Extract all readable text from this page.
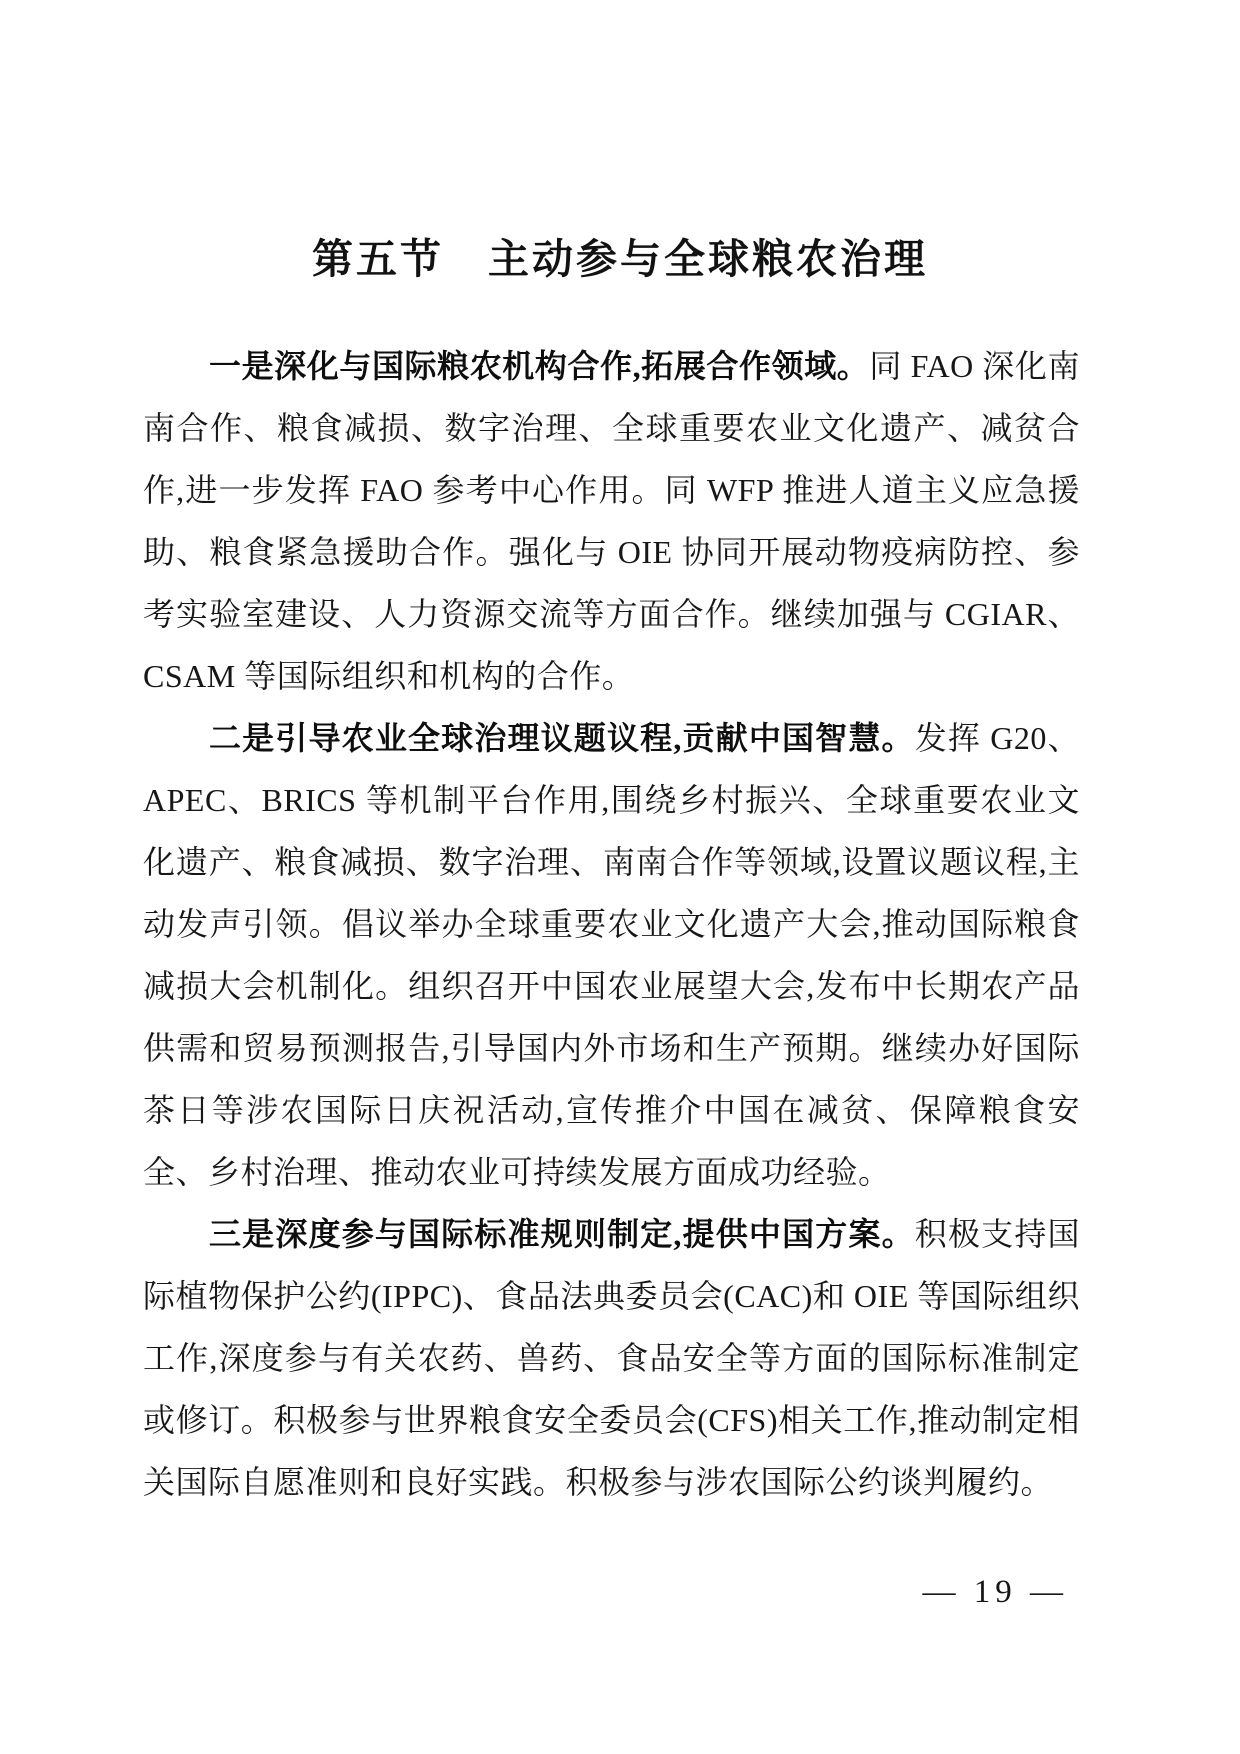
第五节　主动参与全球粮农治理

一是深化与国际粮农机构合作,拓展合作领域。同 FAO 深化南南合作、粮食减损、数字治理、全球重要农业文化遗产、减贫合作,进一步发挥 FAO 参考中心作用。同 WFP 推进人道主义应急援助、粮食紧急援助合作。强化与 OIE 协同开展动物疫病防控、参考实验室建设、人力资源交流等方面合作。继续加强与 CGIAR、CSAM 等国际组织和机构的合作。

二是引导农业全球治理议题议程,贡献中国智慧。发挥 G20、APEC、BRICS 等机制平台作用,围绕乡村振兴、全球重要农业文化遗产、粮食减损、数字治理、南南合作等领域,设置议题议程,主动发声引领。倡议举办全球重要农业文化遗产大会,推动国际粮食减损大会机制化。组织召开中国农业展望大会,发布中长期农产品供需和贸易预测报告,引导国内外市场和生产预期。继续办好国际茶日等涉农国际日庆祝活动,宣传推介中国在减贫、保障粮食安全、乡村治理、推动农业可持续发展方面成功经验。

三是深度参与国际标准规则制定,提供中国方案。积极支持国际植物保护公约(IPPC)、食品法典委员会(CAC)和 OIE 等国际组织工作,深度参与有关农药、兽药、食品安全等方面的国际标准制定或修订。积极参与世界粮食安全委员会(CFS)相关工作,推动制定相关国际自愿准则和良好实践。积极参与涉农国际公约谈判履约。

— 19 —
